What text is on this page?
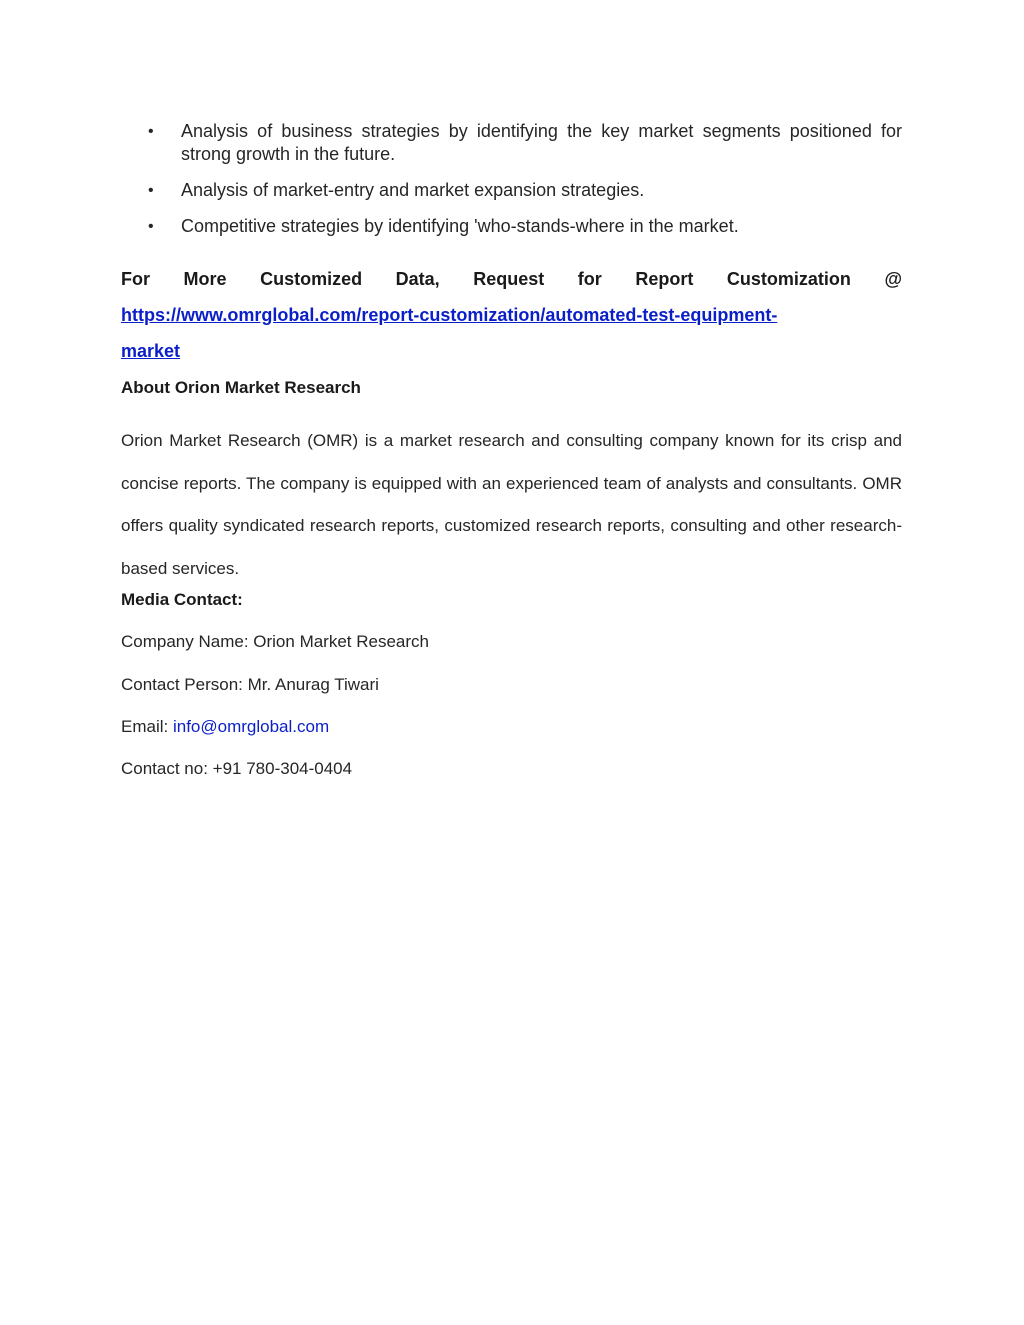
• Analysis of business strategies by identifying the key market segments positioned for strong growth in the future.
• Analysis of market-entry and market expansion strategies.
• Competitive strategies by identifying 'who-stands-where in the market.
For More Customized Data, Request for Report Customization @
https://www.omrglobal.com/report-customization/automated-test-equipment-
market
About Orion Market Research
Orion Market Research (OMR) is a market research and consulting company known for its crisp and concise reports. The company is equipped with an experienced team of analysts and consultants. OMR offers quality syndicated research reports, customized research reports, consulting and other research-based services.
Media Contact:
Company Name: Orion Market Research
Contact Person: Mr. Anurag Tiwari
Email: info@omrglobal.com
Contact no: +91 780-304-0404
